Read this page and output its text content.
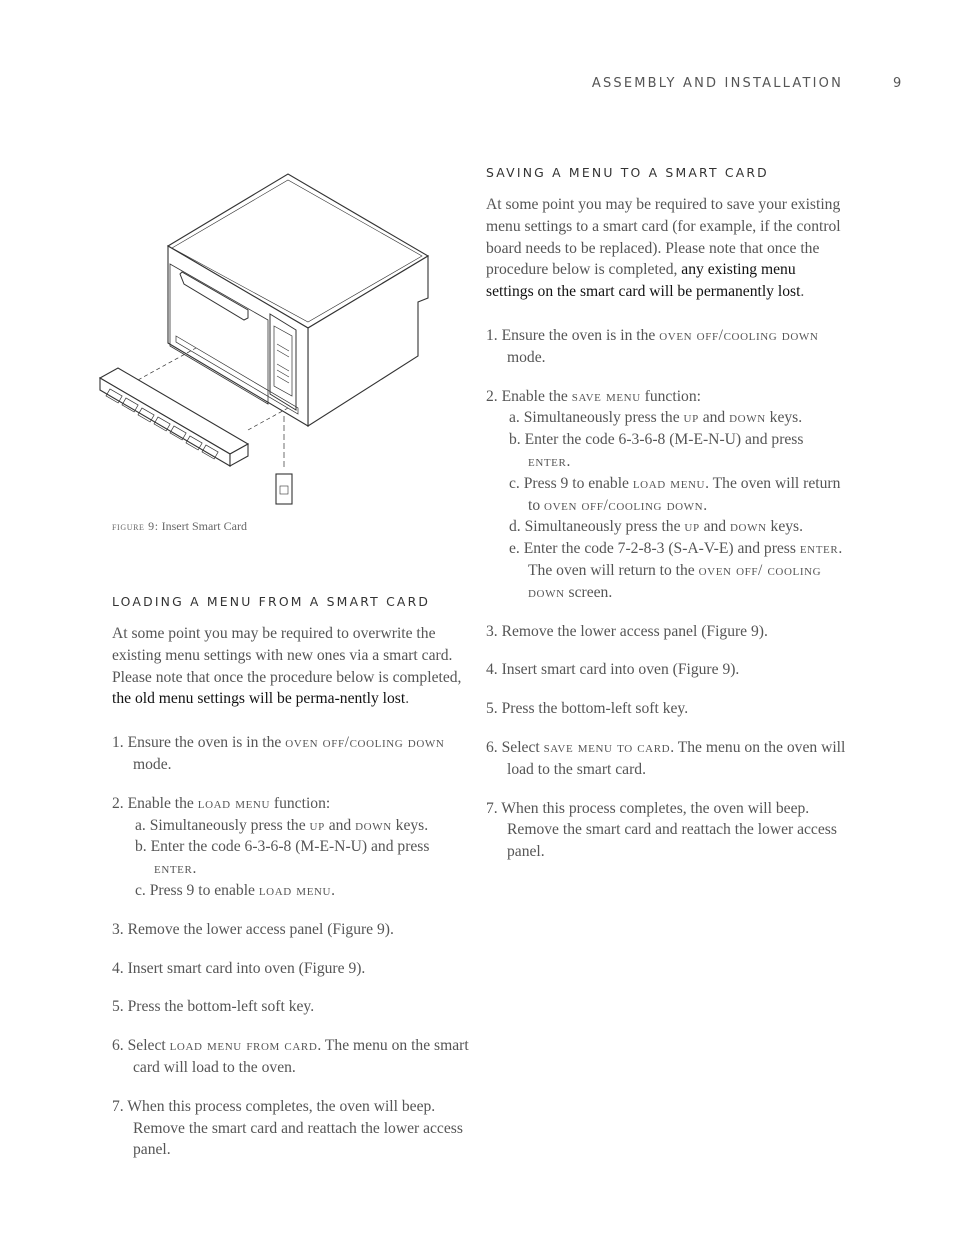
ASSEMBLY AND INSTALLATION	9
figure 9: Insert Smart Card
LOADING A MENU FROM A SMART CARD

At some point you may be required to overwrite the existing menu settings with new ones via a smart card. Please note that once the procedure below is completed, the old menu settings will be perma-nently lost.

1. Ensure the oven is in the oven off/cooling down mode.

2. Enable the load menu function:

a. Simultaneously press the up and down keys.

b. Enter the code 6-3-6-8 (M-E-N-U) and press enter.

c. Press 9 to enable load menu.

3. Remove the lower access panel (Figure 9).

4. Insert smart card into oven (Figure 9).

5. Press the bottom-left soft key.

6. Select load menu from card. The menu on the smart card will load to the oven.

7. When this process completes, the oven will beep. Remove the smart card and reattach the lower access panel.

SAVING A MENU TO A SMART CARD

At some point you may be required to save your existing menu settings to a smart card (for example, if the control board needs to be replaced). Please note that once the procedure below is completed, any existing menu settings on the smart card will be permanently lost.

1. Ensure the oven is in the oven off/cooling down mode.

2. Enable the save menu function:

a. Simultaneously press the up and down keys.

b. Enter the code 6-3-6-8 (M-E-N-U) and press enter.

c. Press 9 to enable load menu. The oven will return to oven off/cooling down.

d. Simultaneously press the up and down keys.

e. Enter the code 7-2-8-3 (S-A-V-E) and press enter. The oven will return to the oven off/ cooling down screen.

3. Remove the lower access panel (Figure 9).

4. Insert smart card into oven (Figure 9).

5. Press the bottom-left soft key.

6. Select save menu to card. The menu on the oven will load to the smart card.

7. When this process completes, the oven will beep. Remove the smart card and reattach the lower access panel.
